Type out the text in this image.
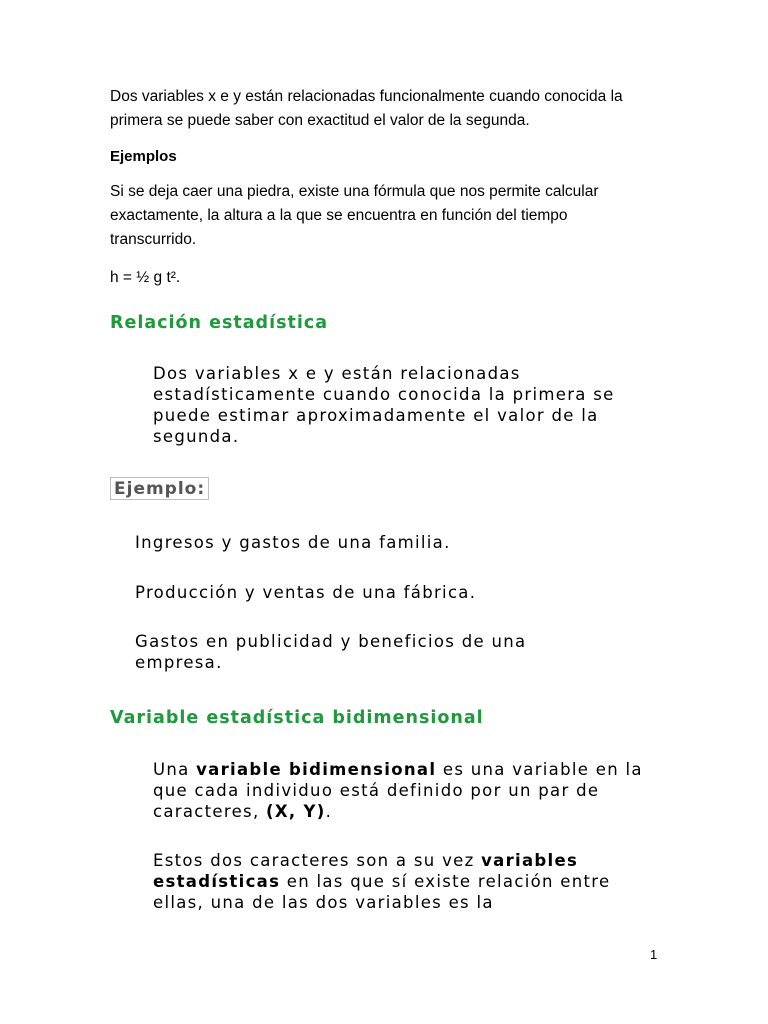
Dos variables x e y están relacionadas funcionalmente cuando conocida la primera se puede saber con exactitud el valor de la segunda.

Ejemplos

Si se deja caer una piedra, existe una fórmula que nos permite calcular exactamente, la altura a la que se encuentra en función del tiempo transcurrido.

h = ½ g t².

Relación estadística

Dos variables x e y están relacionadas estadísticamente cuando conocida la primera se puede estimar aproximadamente el valor de la segunda.

Ejemplo:

Ingresos y gastos de una familia.

Producción y ventas de una fábrica.

Gastos en publicidad y beneficios de una empresa.

Variable estadística bidimensional

Una variable bidimensional es una variable en la que cada individuo está definido por un par de caracteres, (X, Y).

Estos dos caracteres son a su vez variables estadísticas en las que sí existe relación entre ellas, una de las dos variables es la

1
